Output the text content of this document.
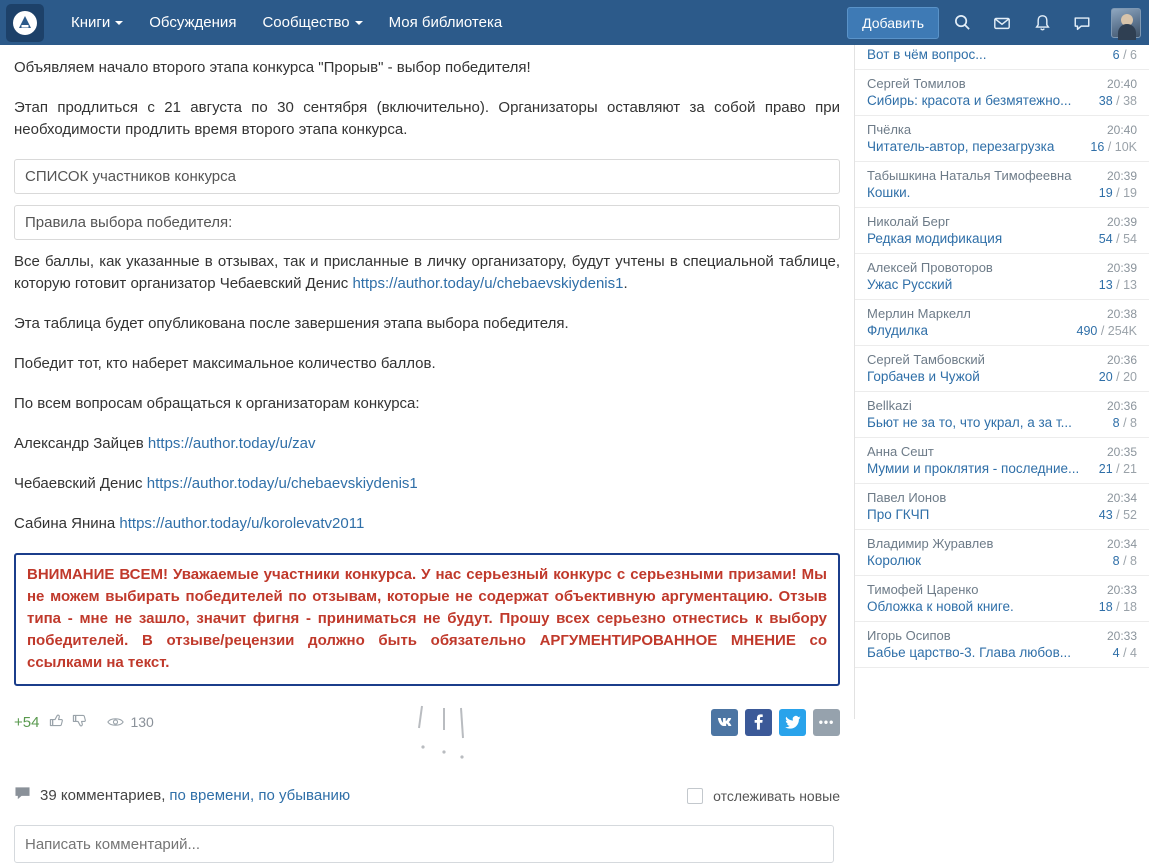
Книги	Обсуждения	Сообщество	Моя библиотека	Добавить

Объявляем начало второго этапа конкурса "Прорыв" - выбор победителя!

Этап продлиться с 21 августа по 30 сентября (включительно). Организаторы оставляют за собой право при необходимости продлить время второго этапа конкурса.

СПИСОК участников конкурса
Правила выбора победителя:

Все баллы, как указанные в отзывах, так и присланные в личку организатору, будут учтены в специальной таблице, которую готовит организатор Чебаевский Денис https://author.today/u/chebaevskiydenis1.

Эта таблица будет опубликована после завершения этапа выбора победителя.

Победит тот, кто наберет максимальное количество баллов.

По всем вопросам обращаться к организаторам конкурса:

Александр Зайцев https://author.today/u/zav

Чебаевский Денис https://author.today/u/chebaevskiydenis1

Сабина Янина https://author.today/u/korolevatv2011

ВНИМАНИЕ ВСЕМ! Уважаемые участники конкурса. У нас серьезный конкурс с серьезными призами! Мы не можем выбирать победителей по отзывам, которые не содержат объективную аргументацию. Отзыв типа - мне не зашло, значит фигня - приниматься не будут. Прошу всех серьезно отнестись к выбору победителей. В отзыве/рецензии должно быть обязательно АРГУМЕНТИРОВАННОЕ МНЕНИЕ со ссылками на текст.

+54	130	•••
39 комментариев, по времени,
по убыванию	отслеживать новые
Написать комментарий...
Вот в чём вопрос...	6 / 6
Сергей Томилов	20:40
Сибирь: красота и безмятежно... 38 / 38
Пчёлка	20:40
Читатель-автор, перезагрузка	16 / 10K
Табышкина Наталья Тимофеевна	20:39
Кошки.	19 / 19
Николай Берг	20:39
Редкая модификация	54 / 54
Алексей Провоторов	20:39
Ужас Русский	13 / 13
Мерлин Маркелл	20:38
Флудилка	490 / 254K
Сергей Тамбовский	20:36
Горбачев и Чужой	20 / 20
Bellkazi	20:36
Бьют не за то, что украл, а за т...	8 / 8
Анна Сешт	20:35
Мумии и проклятия - последние... 21 / 21
Павел Ионов	20:34
Про ГКЧП	43 / 52
Владимир Журавлев	20:34
Королюк	8 / 8
Тимофей Царенко	20:33
Обложка к новой книге.	18 / 18
Игорь Осипов	20:33
Бабье царство-3. Глава любов...	4 / 4
